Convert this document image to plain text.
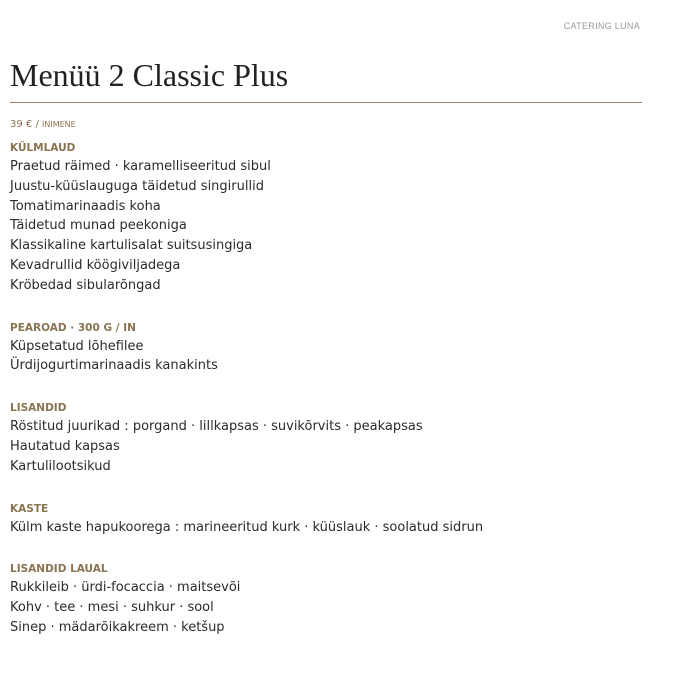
CATERING LUNA
Menüü 2 Classic Plus
39 € / INIMENE
KÜLMLAUD
Praetud räimed · karamelliseeritud sibul
Juustu-küüslauguga täidetud singirullid
Tomatimarinaadis koha
Täidetud munad peekoniga
Klassikaline kartulisalat suitsusingiga
Kevadrullid köögiviljadega
Kröbedad sibularõngad
PEAROAD · 300 G / IN
Küpsetatud lõhefilee
Ürdijogurtimarinaadis kanakints
LISANDID
Röstitud juurikad : porgand · lillkapsas · suvikõrvits · peakapsas
Hautatud kapsas
Kartulilootsikud
KASTE
Külm kaste hapukoorega : marineeritud kurk · küüslauk · soolatud sidrun
LISANDID LAUAL
Rukkileib · ürdi-focaccia · maitsevõi
Kohv · tee · mesi · suhkur · sool
Sinep · mädarõikakreem · ketšup
